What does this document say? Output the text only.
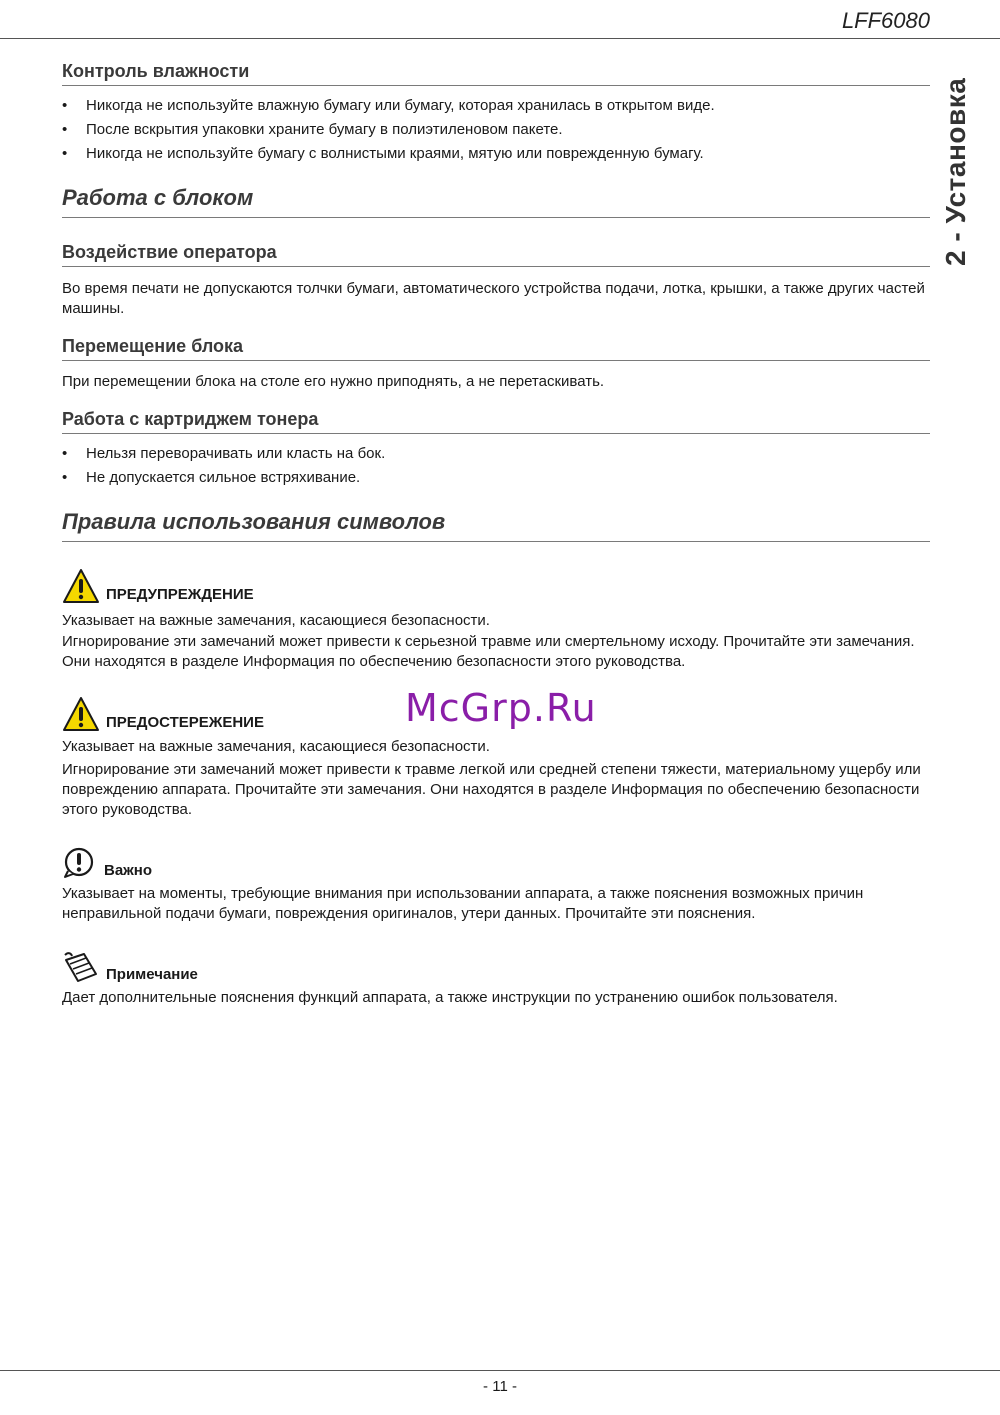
LFF6080
2 - Установка
Контроль влажности
• Никогда не используйте влажную бумагу или бумагу, которая хранилась в открытом виде.
• После вскрытия упаковки храните бумагу в полиэтиленовом пакете.
• Никогда не используйте бумагу с волнистыми краями, мятую или поврежденную бумагу.
Работа с блоком
Воздействие оператора

Во время печати не допускаются толчки бумаги, автоматического устройства подачи, лотка, крышки, а также других частей машины.

Перемещение блока

При перемещении блока на столе его нужно приподнять, а не перетаскивать.

Работа с картриджем тонера
• Нельзя переворачивать или класть на бок.
• Не допускается сильное встряхивание.
Правила использования символов
ПРЕДУПРЕЖДЕНИЕ

Указывает на важные замечания, касающиеся безопасности.

Игнорирование эти замечаний может привести к серьезной травме или смертельному исходу. Прочитайте эти замечания. Они находятся в разделе Информация по обеспечению безопасности этого руководства.

ПРЕДОСТЕРЕЖЕНИЕ

Указывает на важные замечания, касающиеся безопасности.

Игнорирование эти замечаний может привести к травме легкой или средней степени тяжести, материальному ущербу или повреждению аппарата. Прочитайте эти замечания. Они находятся в разделе Информация по обеспечению безопасности этого руководства.

Важно

Указывает на моменты, требующие внимания при использовании аппарата, а также пояснения возможных причин неправильной подачи бумаги, повреждения оригиналов, утери данных. Прочитайте эти пояснения.

Примечание

Дает дополнительные пояснения функций аппарата, а также инструкции по устранению ошибок пользователя.

McGrp.Ru
- 11 -
